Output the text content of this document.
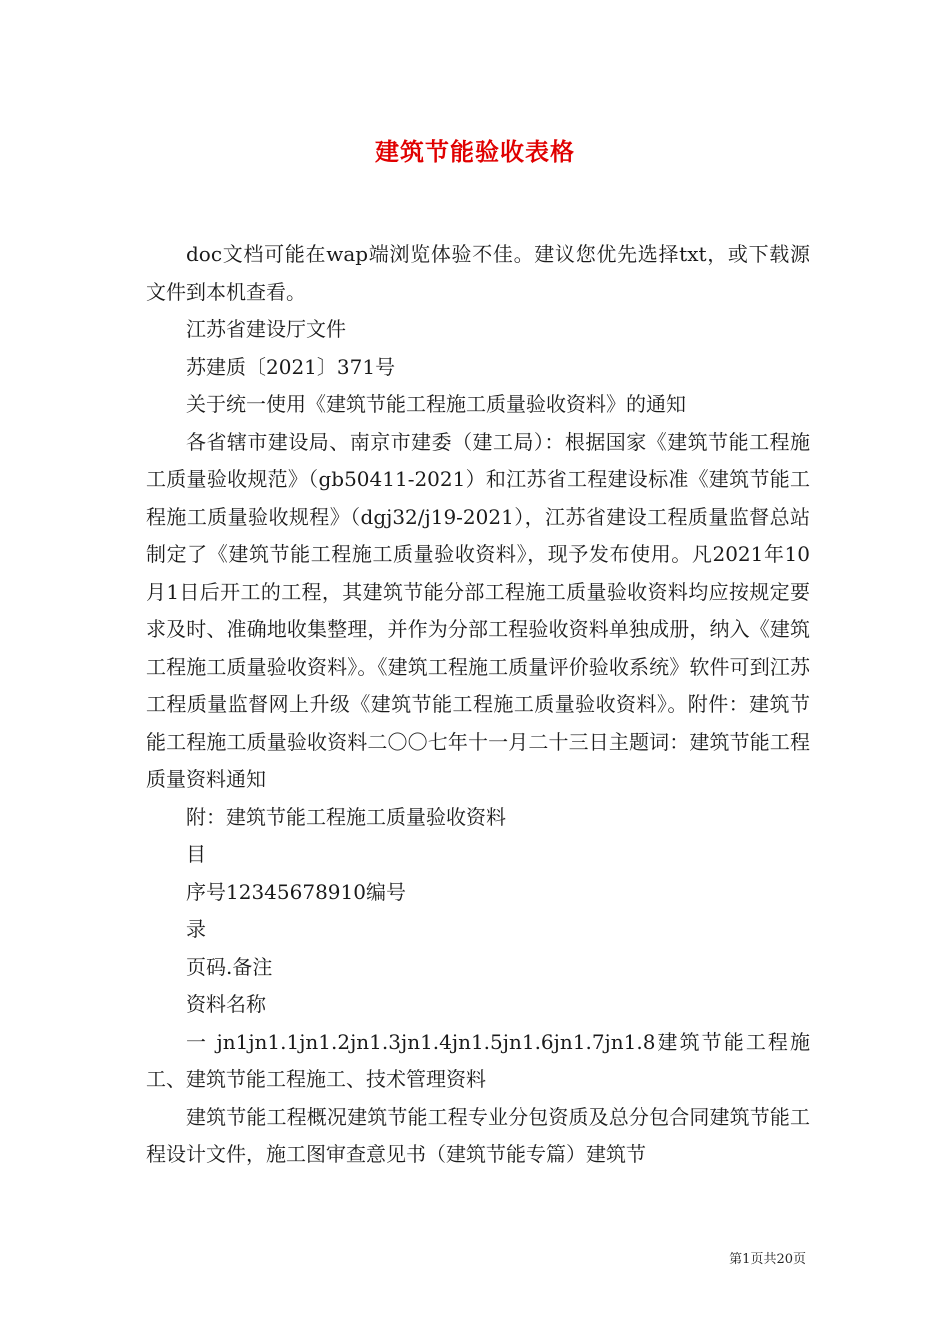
建筑节能验收表格

doc文档可能在wap端浏览体验不佳。建议您优先选择txt，或下载源文件到本机查看。

江苏省建设厅文件

苏建质〔2021〕371号

关于统一使用《建筑节能工程施工质量验收资料》的通知

各省辖市建设局、南京市建委（建工局）：根据国家《建筑节能工程施工质量验收规范》（gb50411-2021）和江苏省工程建设标准《建筑节能工程施工质量验收规程》（dgj32/j19-2021），江苏省建设工程质量监督总站制定了《建筑节能工程施工质量验收资料》，现予发布使用。凡2021年10月1日后开工的工程，其建筑节能分部工程施工质量验收资料均应按规定要求及时、准确地收集整理，并作为分部工程验收资料单独成册，纳入《建筑工程施工质量验收资料》。《建筑工程施工质量评价验收系统》软件可到江苏工程质量监督网上升级《建筑节能工程施工质量验收资料》。附件：建筑节能工程施工质量验收资料二〇〇七年十一月二十三日主题词：建筑节能工程质量资料通知

附：建筑节能工程施工质量验收资料

目

序号12345678910编号

录

页码.备注

资料名称

一 jn1jn1.1jn1.2jn1.3jn1.4jn1.5jn1.6jn1.7jn1.8建筑节能工程施工、建筑节能工程施工、技术管理资料

建筑节能工程概况建筑节能工程专业分包资质及总分包合同建筑节能工程设计文件，施工图审查意见书（建筑节能专篇）建筑节

第1页共20页
